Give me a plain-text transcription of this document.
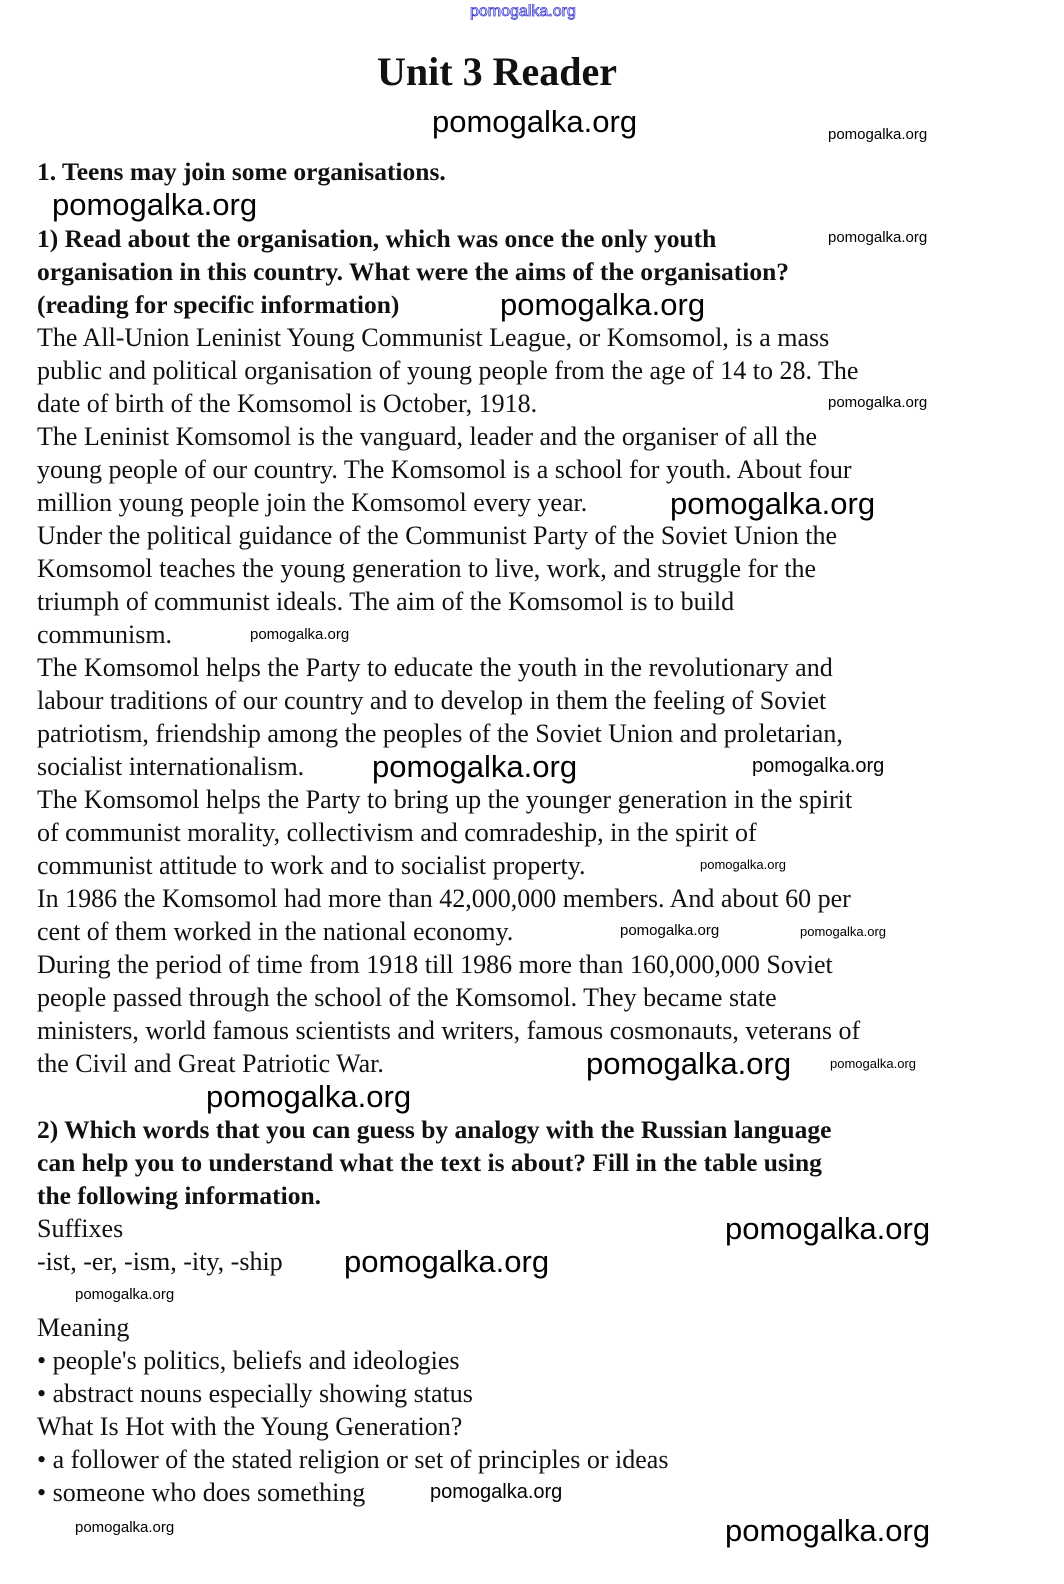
Unit 3 Reader
1. Teens may join some organisations.
1) Read about the organisation, which was once the only youth
organisation in this country. What were the aims of the organisation?
(reading for specific information)
The All-Union Leninist Young Communist League, or Komsomol, is a mass
public and political organisation of young people from the age of 14 to 28. The
date of birth of the Komsomol is October, 1918.
The Leninist Komsomol is the vanguard, leader and the organiser of all the
young people of our country. The Komsomol is a school for youth. About four
million young people join the Komsomol every year.
Under the political guidance of the Communist Party of the Soviet Union the
Komsomol teaches the young generation to live, work, and struggle for the
triumph of communist ideals. The aim of the Komsomol is to build
communism.
The Komsomol helps the Party to educate the youth in the revolutionary and
labour traditions of our country and to develop in them the feeling of Soviet
patriotism, friendship among the peoples of the Soviet Union and proletarian,
socialist internationalism.
The Komsomol helps the Party to bring up the younger generation in the spirit
of communist morality, collectivism and comradeship, in the spirit of
communist attitude to work and to socialist property.
In 1986 the Komsomol had more than 42,000,000 members. And about 60 per
cent of them worked in the national economy.
During the period of time from 1918 till 1986 more than 160,000,000 Soviet
people passed through the school of the Komsomol. They became state
ministers, world famous scientists and writers, famous cosmonauts, veterans of
the Civil and Great Patriotic War.
2) Which words that you can guess by analogy with the Russian language
can help you to understand what the text is about? Fill in the table using
the following information.
Suffixes
-ist, -er, -ism, -ity, -ship
Meaning
• people's politics, beliefs and ideologies
• abstract nouns especially showing status
What Is Hot with the Young Generation?
• a follower of the stated religion or set of principles or ideas
• someone who does something
pomogalka.org
pomogalka.org	pomogalka.org
pomogalka.org
pomogalka.org
pomogalka.org
pomogalka.org
pomogalka.org
pomogalka.org
pomogalka.org
pomogalka.org	pomogalka.org
pomogalka.org	pomogalka.org
pomogalka.org	pomogalka.org
pomogalka.org
pomogalka.org
pomogalka.org
pomogalka.org
pomogalka.org
pomogalka.org
pomogalka.org
